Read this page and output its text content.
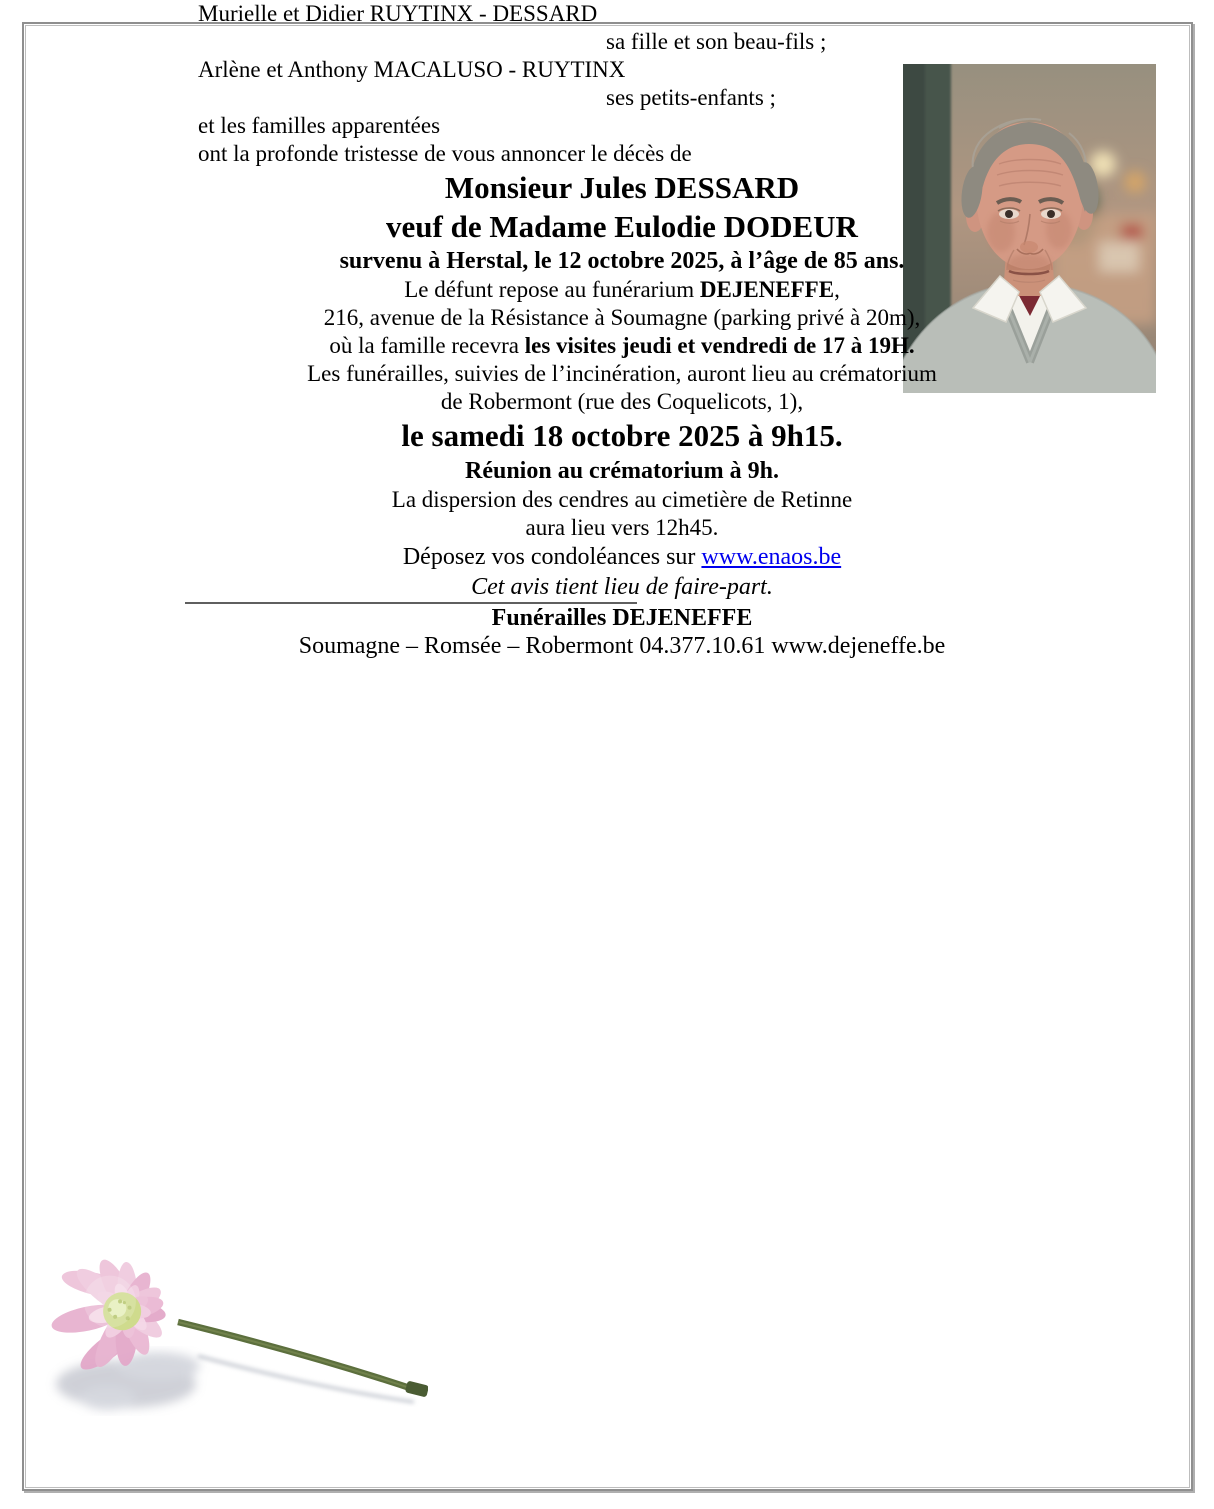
Murielle et Didier RUYTINX - DESSARD
sa fille et son beau-fils ;
Arlène et Anthony MACALUSO - RUYTINX
ses petits-enfants ;
et les familles apparentées
ont la profonde tristesse de vous annoncer le décès de
Monsieur Jules DESSARD
veuf de Madame Eulodie DODEUR
survenu à Herstal, le 12 octobre 2025, à l’âge de 85 ans.
Le défunt repose au funérarium DEJENEFFE,
216, avenue de la Résistance à Soumagne (parking privé à 20m),
où la famille recevra les visites jeudi et vendredi de 17 à 19H.
Les funérailles, suivies de l’incinération, auront lieu au crématorium
de Robermont (rue des Coquelicots, 1),
le samedi 18 octobre 2025 à 9h15.
Réunion au crématorium à 9h.
La dispersion des cendres au cimetière de Retinne
aura lieu vers 12h45.
Déposez vos condoléances sur www.enaos.be
Cet avis tient lieu de faire-part.
Funérailles DEJENEFFE
Soumagne – Romsée – Robermont 04.377.10.61 www.dejeneffe.be
